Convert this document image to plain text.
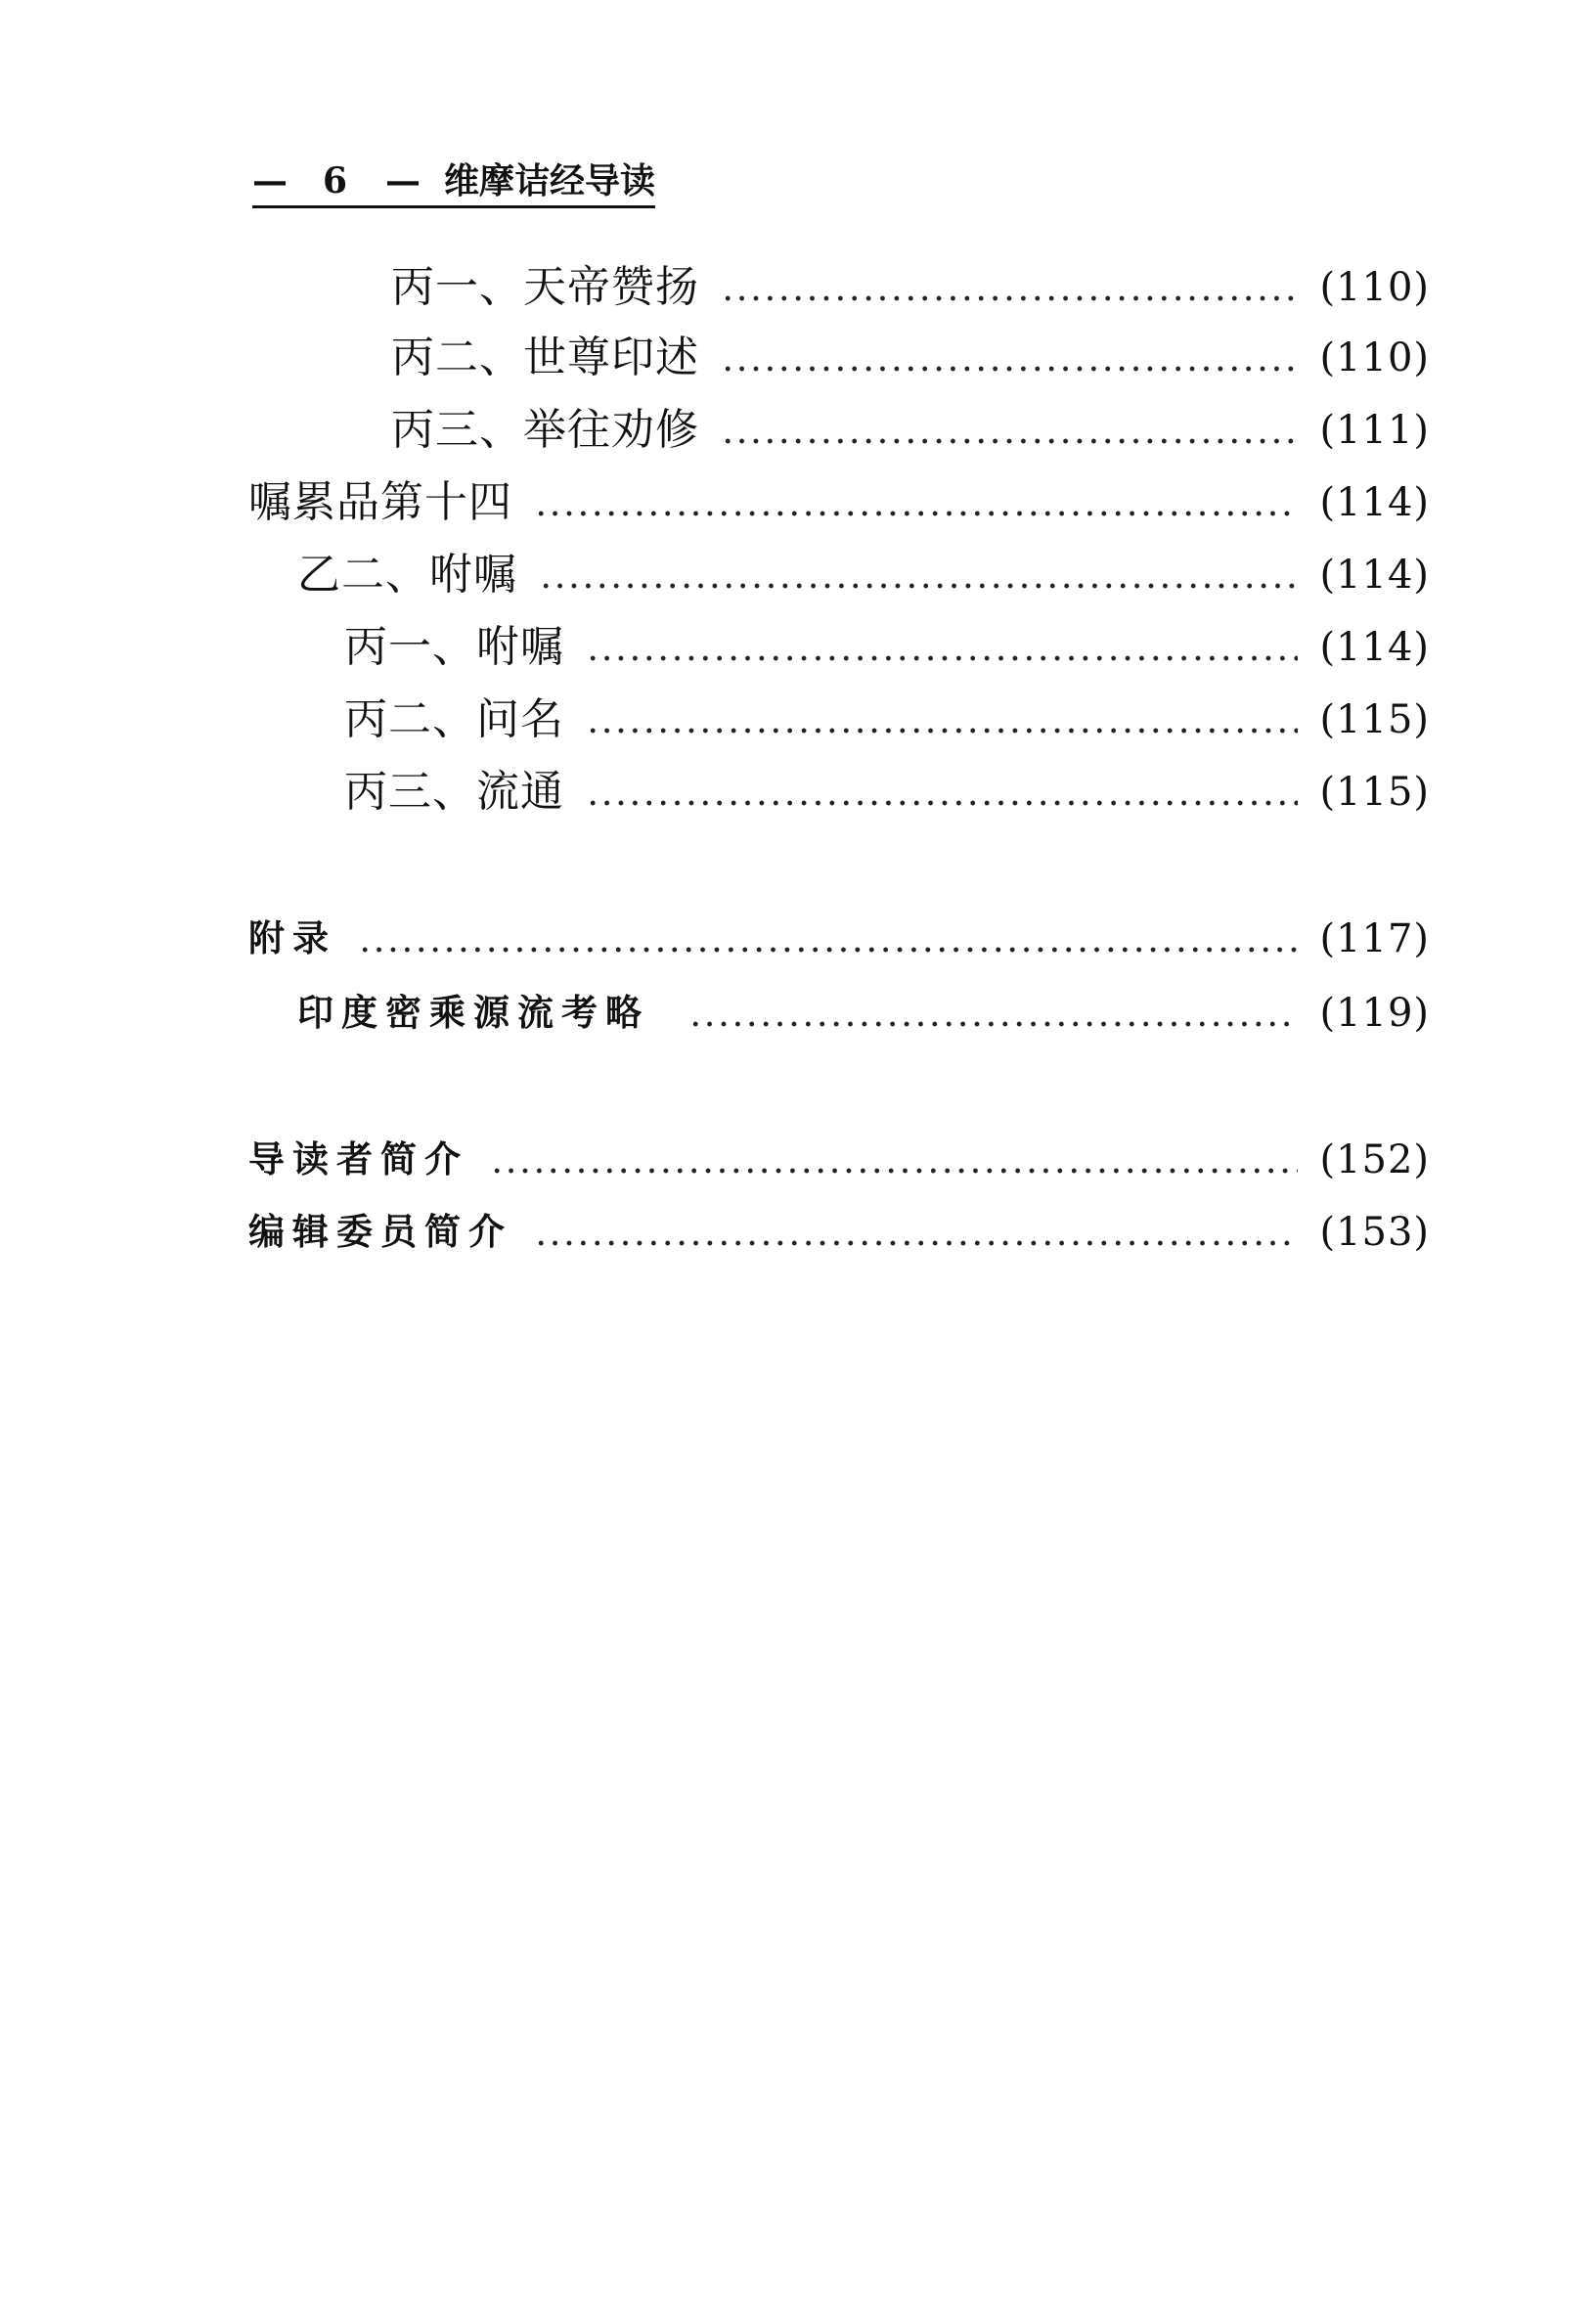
— 6 — 维摩诘经导读
丙一、天帝赞扬	(110)
丙二、世尊印述	(110)
丙三、举往劝修	(111)
嘱累品第十四	(114)
乙二、咐嘱	(114)
丙一、咐嘱	(114)
丙二、问名	(115)
丙三、流通	(115)
附录	(117)
印度密乘源流考略	(119)
导读者简介	(152)
编辑委员简介	(153)
